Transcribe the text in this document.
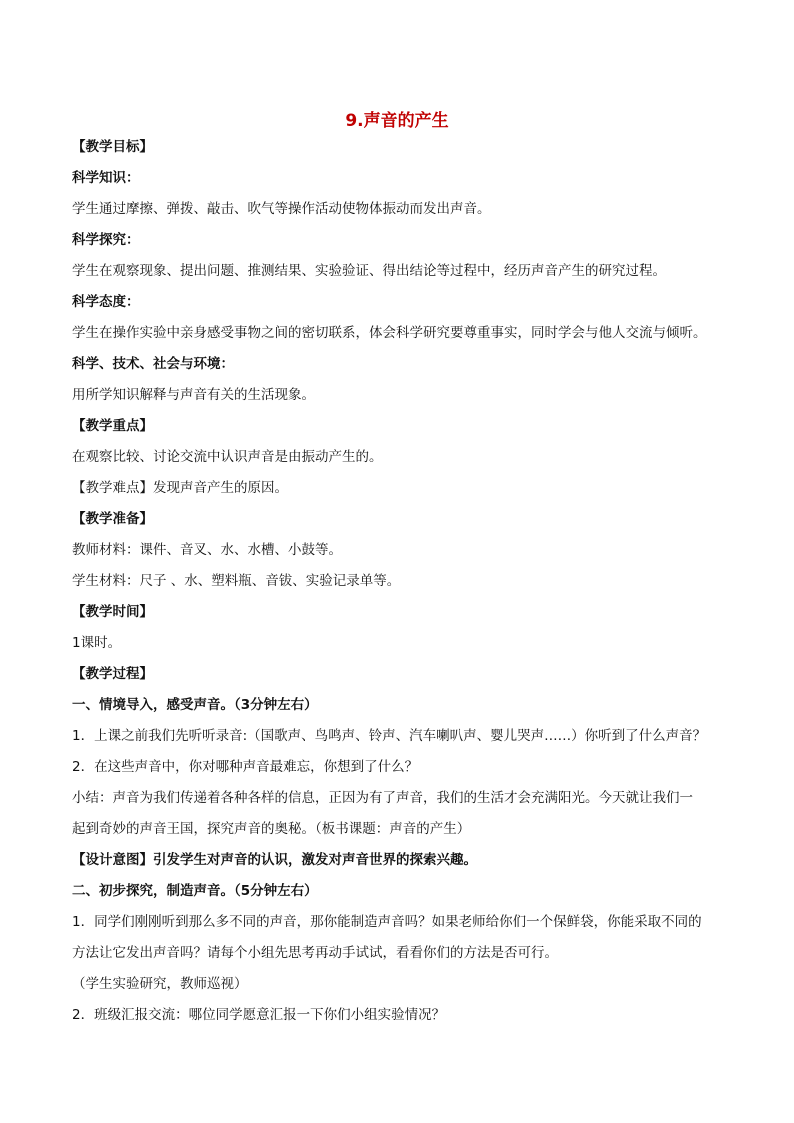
9.声音的产生
【教学目标】
科学知识：
学生通过摩擦、弹拨、敲击、吹气等操作活动使物体振动而发出声音。
科学探究：
学生在观察现象、提出问题、推测结果、实验验证、得出结论等过程中，经历声音产生的研究过程。
科学态度：
学生在操作实验中亲身感受事物之间的密切联系，体会科学研究要尊重事实，同时学会与他人交流与倾听。
科学、技术、社会与环境：
用所学知识解释与声音有关的生活现象。
【教学重点】
在观察比较、讨论交流中认识声音是由振动产生的。
【教学难点】发现声音产生的原因。
【教学准备】
教师材料：课件、音叉、水、水槽、小鼓等。
学生材料：尺子 、水、塑料瓶、音钹、实验记录单等。
【教学时间】
1课时。
【教学过程】
一、情境导入，感受声音。（3分钟左右）
1．上课之前我们先听听录音:（国歌声、鸟鸣声、铃声、汽车喇叭声、婴儿哭声……）你听到了什么声音？
2．在这些声音中，你对哪种声音最难忘，你想到了什么？
小结：声音为我们传递着各种各样的信息，正因为有了声音，我们的生活才会充满阳光。今天就让我们一
起到奇妙的声音王国，探究声音的奥秘。（板书课题：声音的产生）
【设计意图】引发学生对声音的认识，激发对声音世界的探索兴趣。
二、初步探究，制造声音。（5分钟左右）
1．同学们刚刚听到那么多不同的声音，那你能制造声音吗？如果老师给你们一个保鲜袋，你能采取不同的
方法让它发出声音吗？请每个小组先思考再动手试试，看看你们的方法是否可行。
（学生实验研究，教师巡视）
2．班级汇报交流：哪位同学愿意汇报一下你们小组实验情况？
